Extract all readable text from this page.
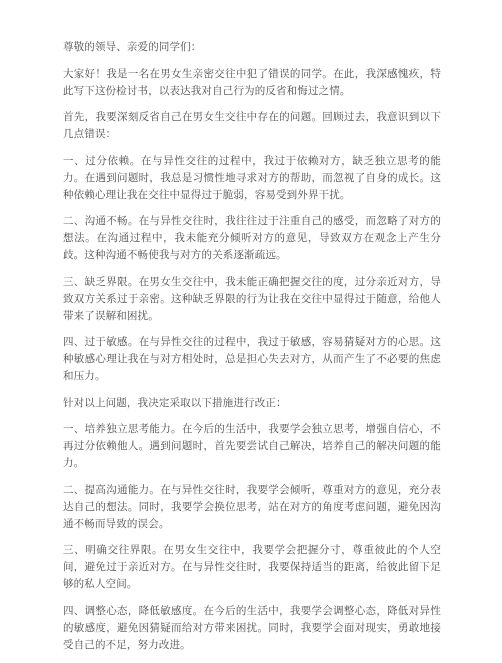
尊敬的领导、亲爱的同学们：

大家好！我是一名在男女生亲密交往中犯了错误的同学。在此，我深感愧疚，特此写下这份检讨书，以表达我对自己行为的反省和悔过之情。

首先，我要深刻反省自己在男女生交往中存在的问题。回顾过去，我意识到以下几点错误：

一、过分依赖。在与异性交往的过程中，我过于依赖对方，缺乏独立思考的能力。在遇到问题时，我总是习惯性地寻求对方的帮助，而忽视了自身的成长。这种依赖心理让我在交往中显得过于脆弱，容易受到外界干扰。

二、沟通不畅。在与异性交往时，我往往过于注重自己的感受，而忽略了对方的想法。在沟通过程中，我未能充分倾听对方的意见，导致双方在观念上产生分歧。这种沟通不畅使我与对方的关系逐渐疏远。

三、缺乏界限。在男女生交往中，我未能正确把握交往的度，过分亲近对方，导致双方关系过于亲密。这种缺乏界限的行为让我在交往中显得过于随意，给他人带来了误解和困扰。

四、过于敏感。在与异性交往的过程中，我过于敏感，容易猜疑对方的心思。这种敏感心理让我在与对方相处时，总是担心失去对方，从而产生了不必要的焦虑和压力。

针对以上问题，我决定采取以下措施进行改正：

一、培养独立思考能力。在今后的生活中，我要学会独立思考，增强自信心，不再过分依赖他人。遇到问题时，首先要尝试自己解决，培养自己的解决问题的能力。

二、提高沟通能力。在与异性交往时，我要学会倾听，尊重对方的意见，充分表达自己的想法。同时，我要学会换位思考，站在对方的角度考虑问题，避免因沟通不畅而导致的误会。

三、明确交往界限。在男女生交往中，我要学会把握分寸，尊重彼此的个人空间，避免过于亲近对方。在与异性交往时，我要保持适当的距离，给彼此留下足够的私人空间。

四、调整心态，降低敏感度。在今后的生活中，我要学会调整心态，降低对异性的敏感度，避免因猜疑而给对方带来困扰。同时，我要学会面对现实，勇敢地接受自己的不足，努力改进。
